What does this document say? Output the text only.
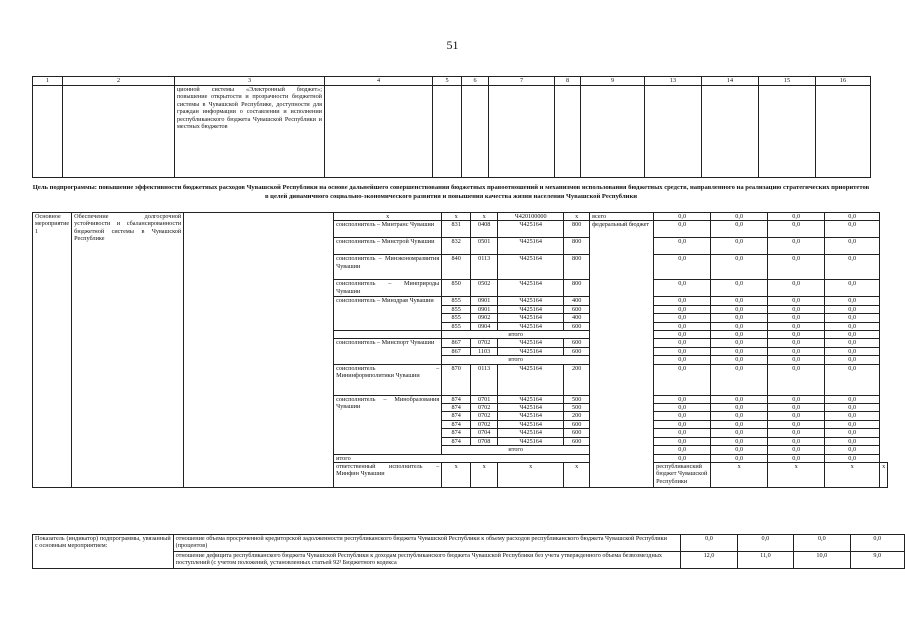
51
1	2	3	4	5	6	7	8	9	13	14	15	16
		ционной системы «Электронный бюджет»; повышение открытости и прозрачности бюджетной системы в Чувашской Республике, доступности для граждан информации о составлении и исполнении республиканского бюджета Чувашской Республики и местных бюджетов										
Цель подпрограммы: повышение эффективности бюджетных расходов Чувашской Республики на основе дальнейшего совершенствования бюджетных правоотношений и механизмов использования бюджетных средств, направленного на реализацию стратегических приоритетов в целей динамичного социально-экономического развития и повышения качества жизни населения Чувашской Республики
Основное мероприятие 1	Обеспечение долгосрочной устойчивости и сбалансированности бюджетной системы в Чувашской Республике		x	x	x	Ч420100000	x	всего	0,0	0,0	0,0	0,0	
			соисполнитель – Минтранс Чувашии	831	0408	Ч425164	800	федеральный бюджет	0,0	0,0	0,0	0,0	
			соисполнитель – Минстрой Чувашии	832	0501	Ч425164	800		0,0	0,0	0,0	0,0	
			соисполнитель – Минэкономразвития Чувашии	840	0113	Ч425164	800		0,0	0,0	0,0	0,0	
			соисполнитель – Минприроды Чувашии	850	0502	Ч425164	800		0,0	0,0	0,0	0,0	
			соисполнитель – Минздрав Чувашии	855	0901	Ч425164	400		0,0	0,0	0,0	0,0	
				855	0901	Ч425164	600		0,0	0,0	0,0	0,0	
				855	0902	Ч425164	400		0,0	0,0	0,0	0,0	
				855	0904	Ч425164	600		0,0	0,0	0,0	0,0	
				итого					0,0	0,0	0,0	0,0	
			соисполнитель – Минспорт Чувашии	867	0702	Ч425164	600		0,0	0,0	0,0	0,0	
				867	1103	Ч425164	600		0,0	0,0	0,0	0,0	
				итого					0,0	0,0	0,0	0,0	
			соисполнитель – Мининформполитики Чувашии	870	0113	Ч425164	200		0,0	0,0	0,0	0,0	
			соисполнитель – Минобразования Чувашии	874	0701	Ч425164	500		0,0	0,0	0,0	0,0	
				874	0702	Ч425164	500		0,0	0,0	0,0	0,0	
				874	0702	Ч425164	200		0,0	0,0	0,0	0,0	
				874	0702	Ч425164	600		0,0	0,0	0,0	0,0	
				874	0704	Ч425164	600		0,0	0,0	0,0	0,0	
				874	0708	Ч425164	600		0,0	0,0	0,0	0,0	
				итого					0,0	0,0	0,0	0,0	
			итого						0,0	0,0	0,0	0,0	
			ответственный исполнитель – Минфин Чувашии	x	x	x	x		республиканский бюджет Чувашской Республики	x	x	x	x
Показатель (индикатор) подпрограммы, увязанный с основным мероприятием:	отношение объема просроченной кредиторской задолженности республиканского бюджета Чувашской Республики к объему расходов республиканского бюджета Чувашской Республики (процентов)	0,0	0,0	0,0	0,0
	отношение дефицита республиканского бюджета Чувашской Республики к доходам республиканского бюджета Чувашской Республики без учета утвержденного объема безвозмездных поступлений (с учетом положений, установленных статьей 92³ Бюджетного кодекса	12,0	11,0	10,0	9,0
